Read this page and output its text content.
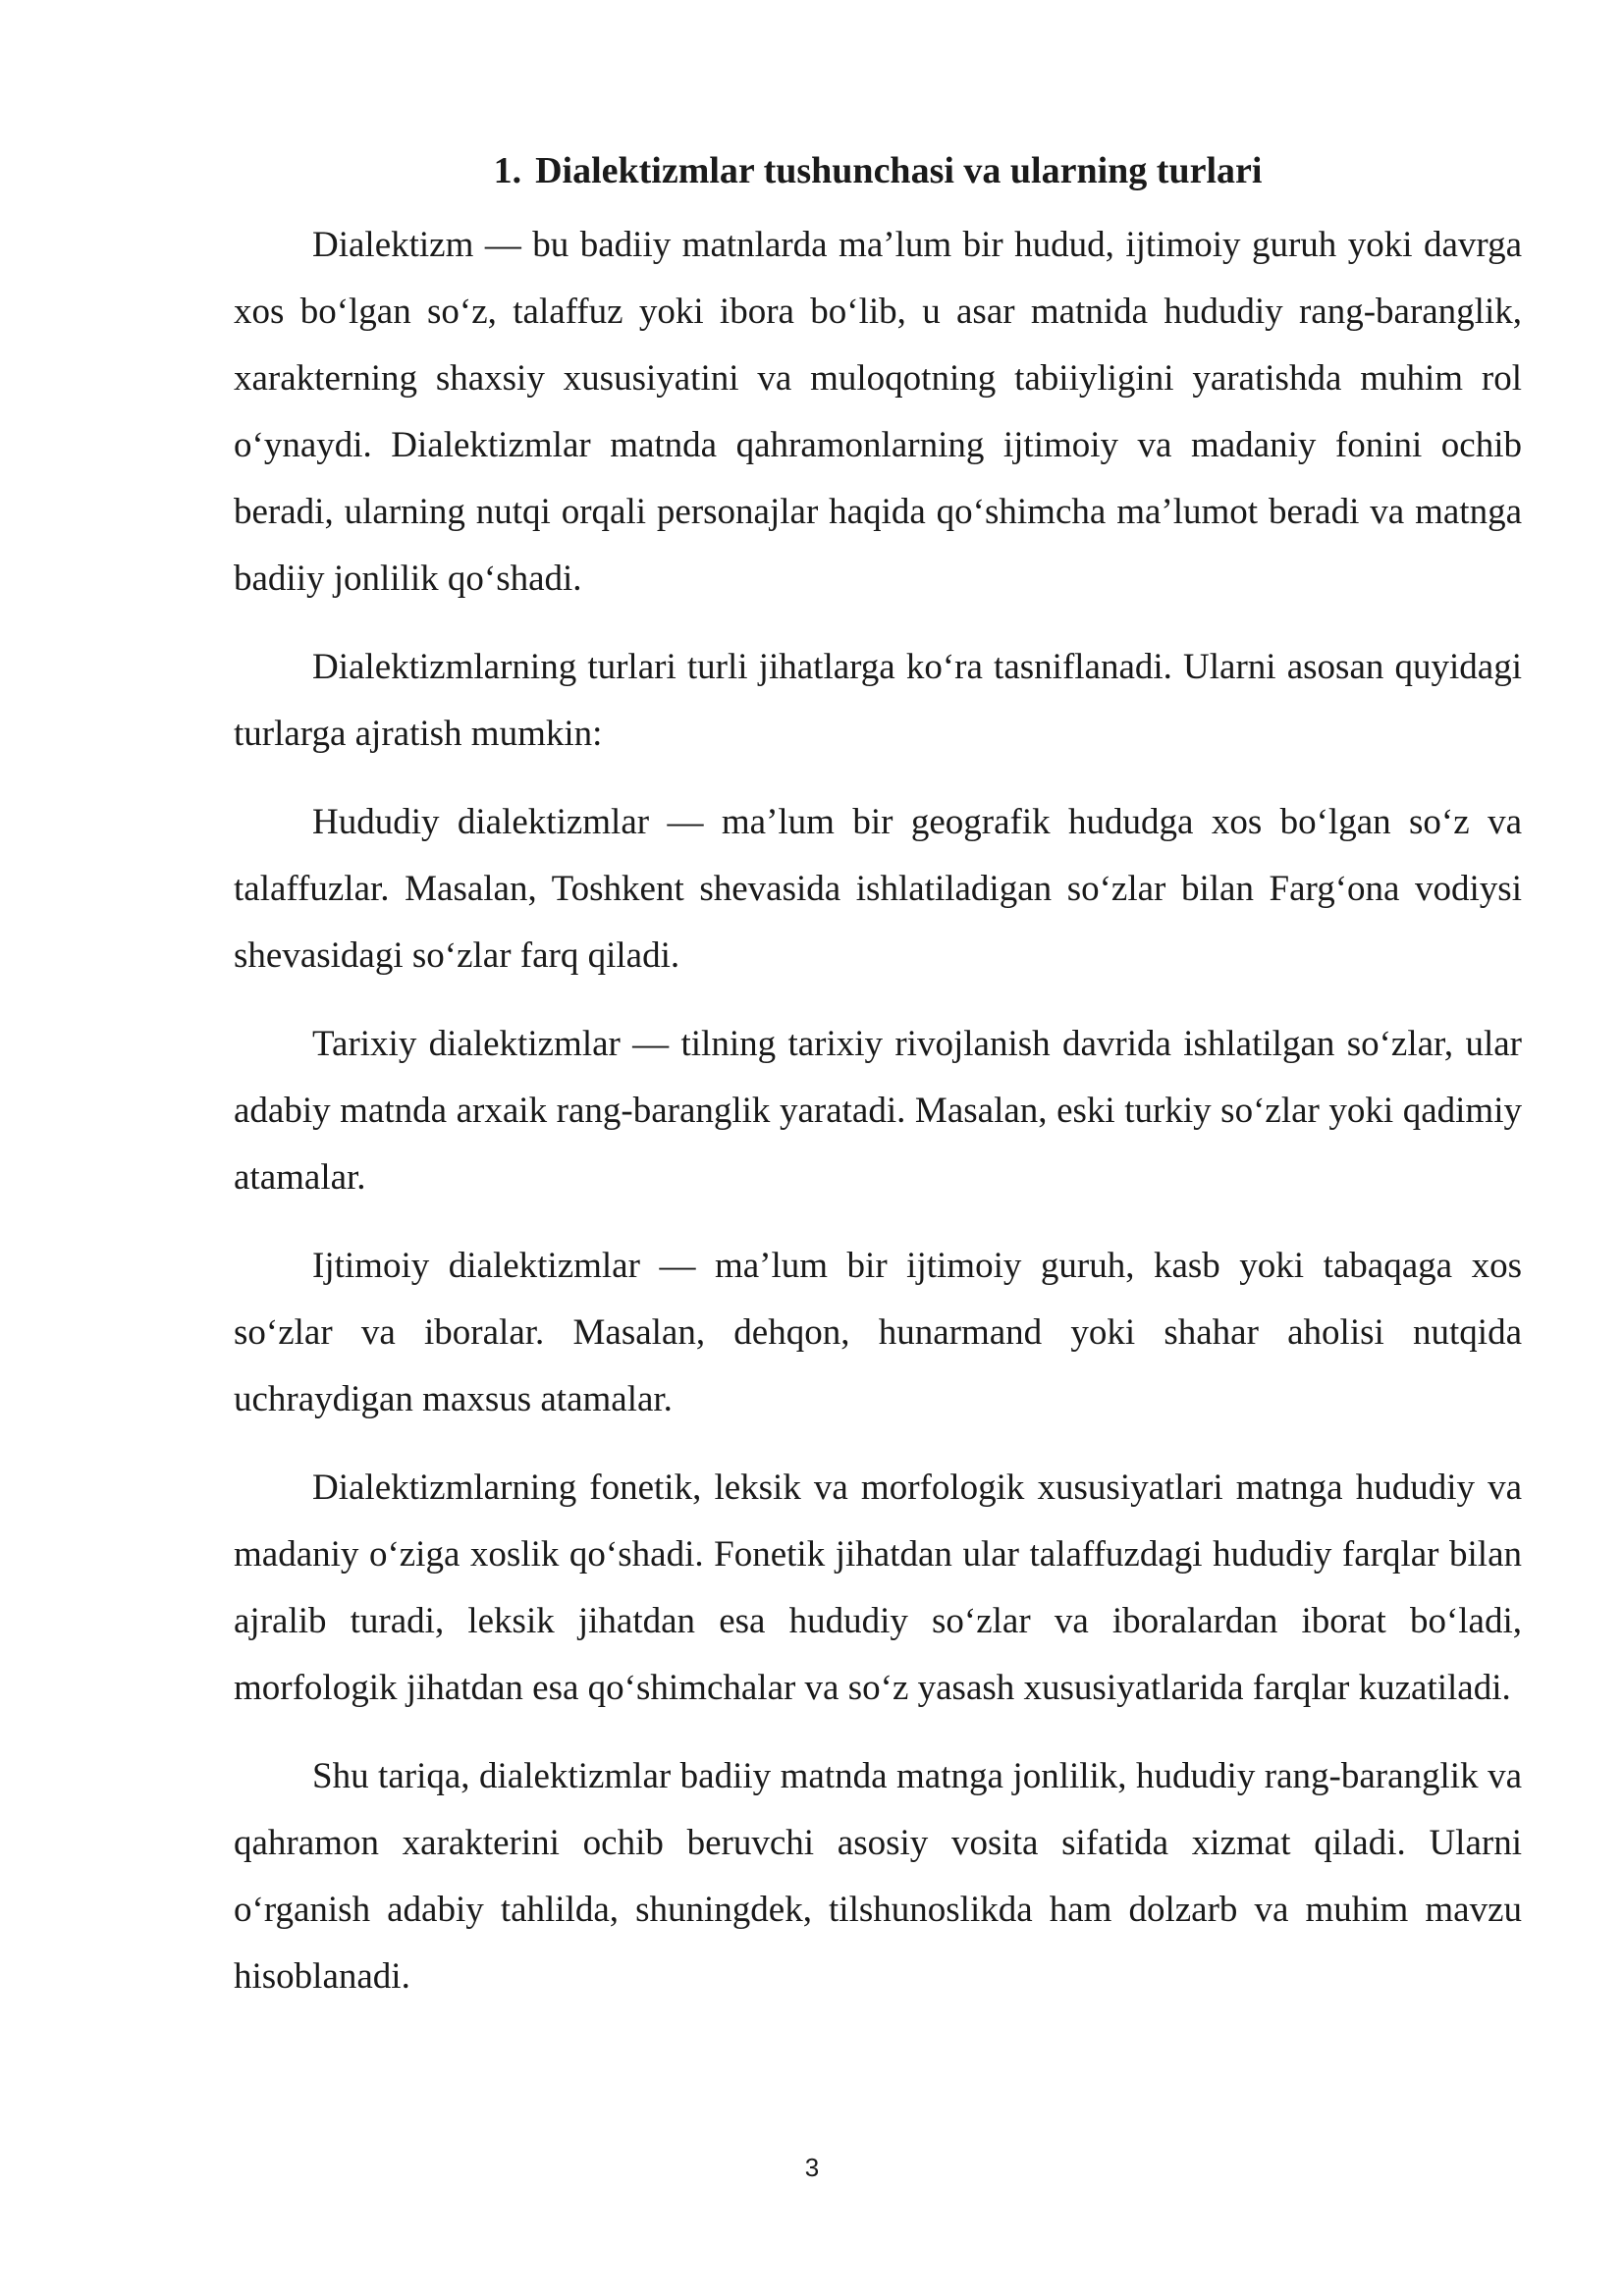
1. Dialektizmlar tushunchasi va ularning turlari

Dialektizm — bu badiiy matnlarda ma’lum bir hudud, ijtimoiy guruh yoki davrga xos bo‘lgan so‘z, talaffuz yoki ibora bo‘lib, u asar matnida hududiy rang-baranglik, xarakterning shaxsiy xususiyatini va muloqotning tabiiyligini yaratishda muhim rol o‘ynaydi. Dialektizmlar matnda qahramonlarning ijtimoiy va madaniy fonini ochib beradi, ularning nutqi orqali personajlar haqida qo‘shimcha ma’lumot beradi va matnga badiiy jonlilik qo‘shadi.

Dialektizmlarning turlari turli jihatlarga ko‘ra tasniflanadi. Ularni asosan quyidagi turlarga ajratish mumkin:

Hududiy dialektizmlar — ma’lum bir geografik hududga xos bo‘lgan so‘z va talaffuzlar. Masalan, Toshkent shevasida ishlatiladigan so‘zlar bilan Farg‘ona vodiysi shevasidagi so‘zlar farq qiladi.

Tarixiy dialektizmlar — tilning tarixiy rivojlanish davrida ishlatilgan so‘zlar, ular adabiy matnda arxaik rang-baranglik yaratadi. Masalan, eski turkiy so‘zlar yoki qadimiy atamalar.

Ijtimoiy dialektizmlar — ma’lum bir ijtimoiy guruh, kasb yoki tabaqaga xos so‘zlar va iboralar. Masalan, dehqon, hunarmand yoki shahar aholisi nutqida uchraydigan maxsus atamalar.

Dialektizmlarning fonetik, leksik va morfologik xususiyatlari matnga hududiy va madaniy o‘ziga xoslik qo‘shadi. Fonetik jihatdan ular talaffuzdagi hududiy farqlar bilan ajralib turadi, leksik jihatdan esa hududiy so‘zlar va iboralardan iborat bo‘ladi, morfologik jihatdan esa qo‘shimchalar va so‘z yasash xususiyatlarida farqlar kuzatiladi.

Shu tariqa, dialektizmlar badiiy matnda matnga jonlilik, hududiy rang-baranglik va qahramon xarakterini ochib beruvchi asosiy vosita sifatida xizmat qiladi. Ularni o‘rganish adabiy tahlilda, shuningdek, tilshunoslikda ham dolzarb va muhim mavzu hisoblanadi.

3
